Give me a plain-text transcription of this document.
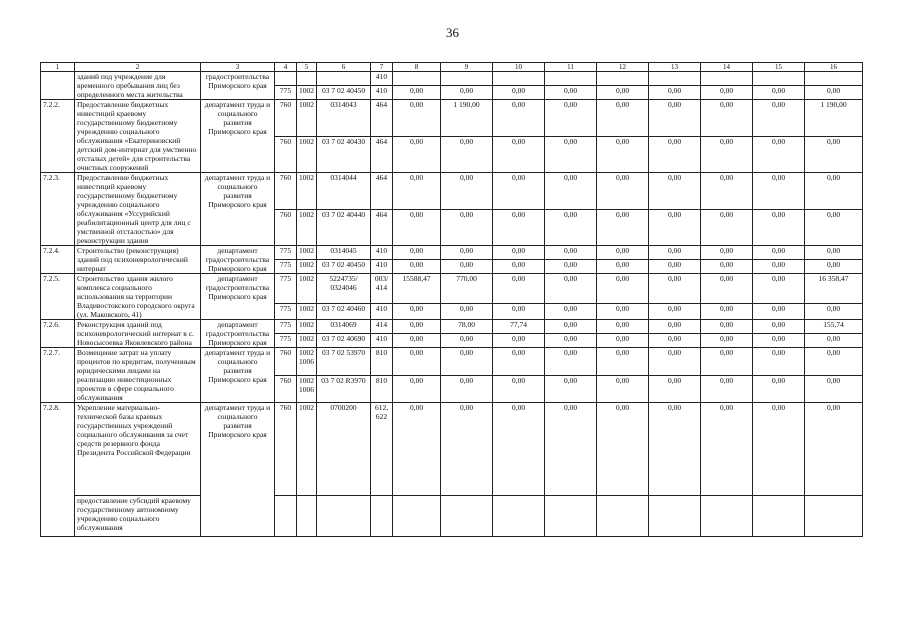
36
1	2	3	4	5	6	7	8	9	10	11	12	13	14	15	16
	зданий под учреждение для временного пребывания лиц без определенного места жительства	градостроительства Приморского края				410									
			775	1002	03 7 02 40450	410	0,00	0,00	0,00	0,00	0,00	0,00	0,00	0,00	0,00
7.2.2.	Предоставление бюджетных инвестиций краевому государственному бюджетному учреждению социального обслуживания «Екатериновский детский дом-интернат для умственно отсталых детей» для строительства очистных сооружений	департамент труда и социального развития Приморского края	760	1002	0314043	464	0,00	1 190,00	0,00	0,00	0,00	0,00	0,00	0,00	1 190,00
			760	1002	03 7 02 40430	464	0,00	0,00	0,00	0,00	0,00	0,00	0,00	0,00	0,00
7.2.3.	Предоставление бюджетных инвестиций краевому государственному бюджетному учреждению социального обслуживания «Уссурийский реабилитационный центр для лиц с умственной отсталостью» для реконструкции здания	департамент труда и социального развития Приморского края	760	1002	0314044	464	0,00	0,00	0,00	0,00	0,00	0,00	0,00	0,00	0,00
			760	1002	03 7 02 40440	464	0,00	0,00	0,00	0,00	0,00	0,00	0,00	0,00	0,00
7.2.4.	Строительство (реконструкция) зданий под психоневрологический интернат	департамент градостроительства Приморского края	775	1002	0314045	410	0,00	0,00	0,00	0,00	0,00	0,00	0,00	0,00	0,00
			775	1002	03 7 02 40450	410	0,00	0,00	0,00	0,00	0,00	0,00	0,00	0,00	0,00
7.2.5.	Строительство здания жилого комплекса социального использования на территории Владивостокского городского округа (ул. Маковского, 41)	департамент градостроительства Приморского края	775	1002	5224735/ 0324046	003/ 414	15588,47	770,00	0,00	0,00	0,00	0,00	0,00	0,00	16 358,47
			775	1002	03 7 02 40460	410	0,00	0,00	0,00	0,00	0,00	0,00	0,00	0,00	0,00
7.2.6.	Реконструкция зданий под психоневрологический интернат в с. Новосысоевка Яковлевского района	департамент градостроительства Приморского края	775	1002	0314069	414	0,00	78,00	77,74	0,00	0,00	0,00	0,00	0,00	155,74
			775	1002	03 7 02 40690	410	0,00	0,00	0,00	0,00	0,00	0,00	0,00	0,00	0,00
7.2.7.	Возмещение затрат на уплату процентов по кредитам, полученным юридическими лицами на реализацию инвестиционных проектов в сфере социального обслуживания	департамент труда и социального развития Приморского края	760	1002 1006	03 7 02 53970	810	0,00	0,00	0,00	0,00	0,00	0,00	0,00	0,00	0,00
			760	1002 1006	03 7 02 R3970	810	0,00	0,00	0,00	0,00	0,00	0,00	0,00	0,00	0,00
7.2.8.	Укрепление материально-технической базы краевых государственных учреждений социального обслуживания за счет средств резервного фонда Президента Российской Федерации	департамент труда и социального развития Приморского края	760	1002	0700200	612, 622	0,00	0,00	0,00	0,00	0,00	0,00	0,00	0,00	0,00
	предоставление субсидий краевому государственному автономному учреждению социального обслуживания														
